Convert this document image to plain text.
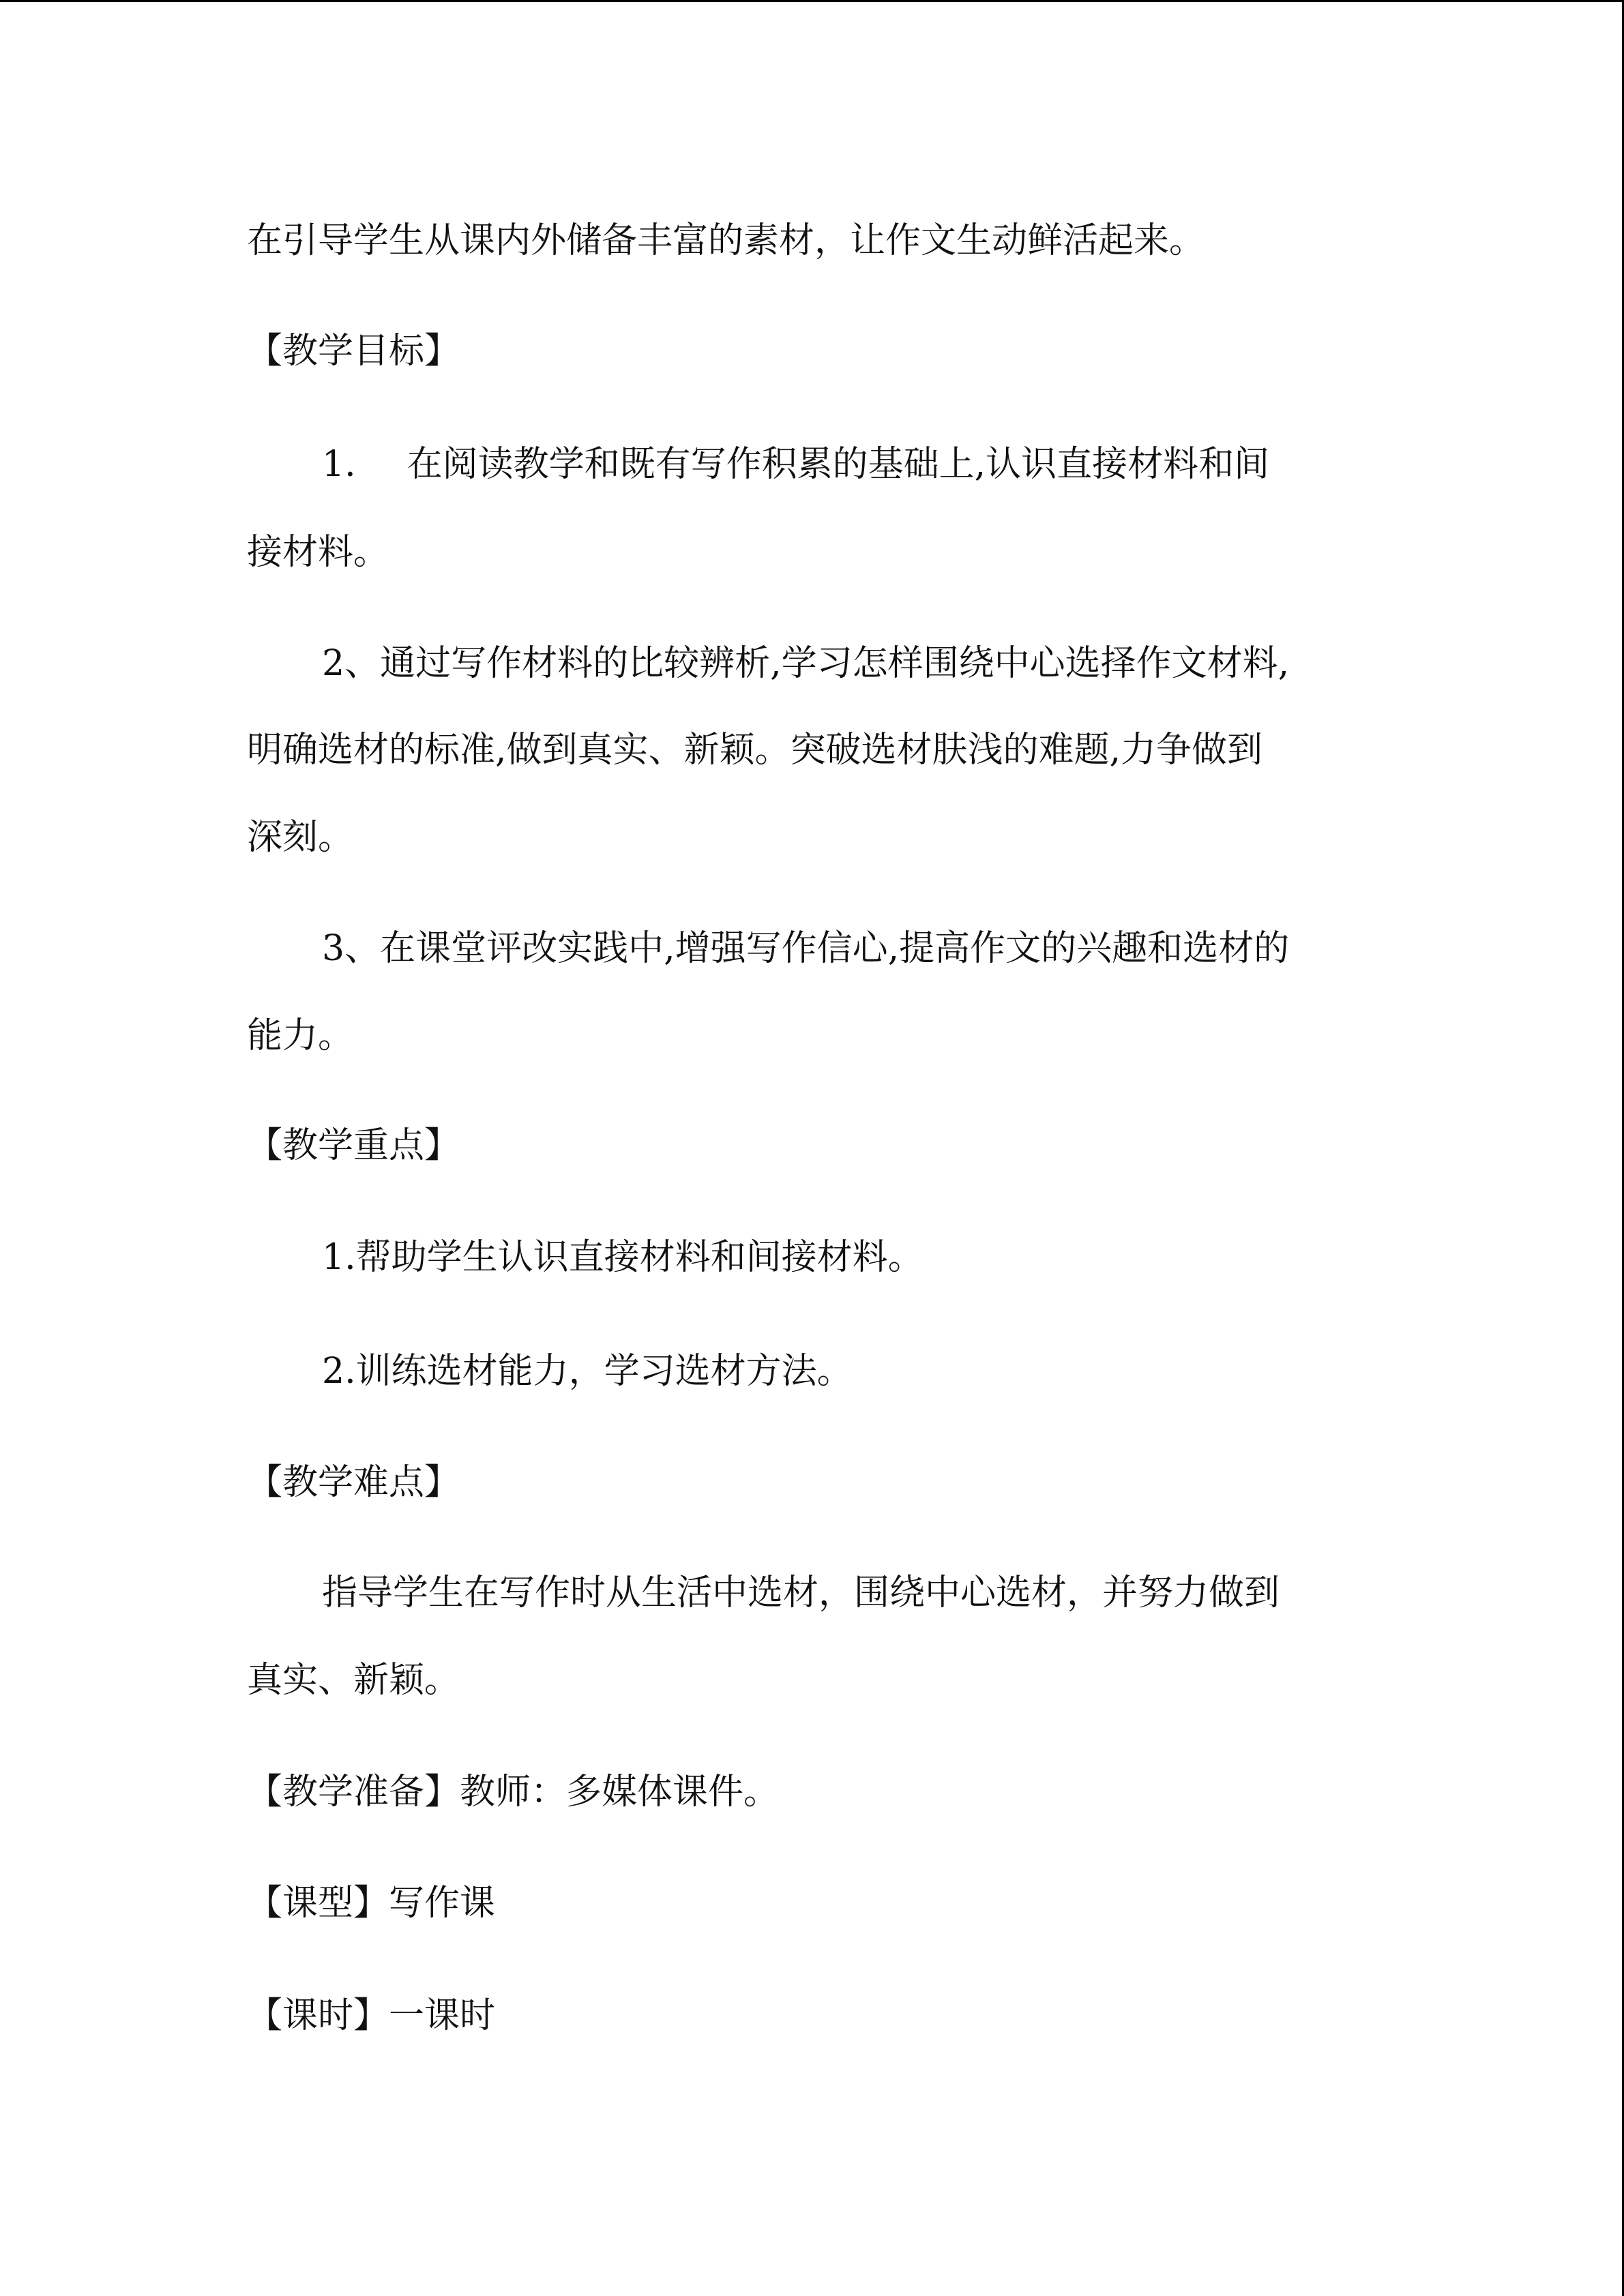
在引导学生从课内外储备丰富的素材，让作文生动鲜活起来。

【教学目标】

1. 在阅读教学和既有写作积累的基础上,认识直接材料和间

接材料。

2、通过写作材料的比较辨析,学习怎样围绕中心选择作文材料,

明确选材的标准,做到真实、新颖。突破选材肤浅的难题,力争做到

深刻。

3、在课堂评改实践中,增强写作信心,提高作文的兴趣和选材的

能力。

【教学重点】

1.帮助学生认识直接材料和间接材料。

2.训练选材能力，学习选材方法。

【教学难点】

指导学生在写作时从生活中选材，围绕中心选材，并努力做到

真实、新颖。

【教学准备】教师：多媒体课件。

【课型】写作课

【课时】一课时
